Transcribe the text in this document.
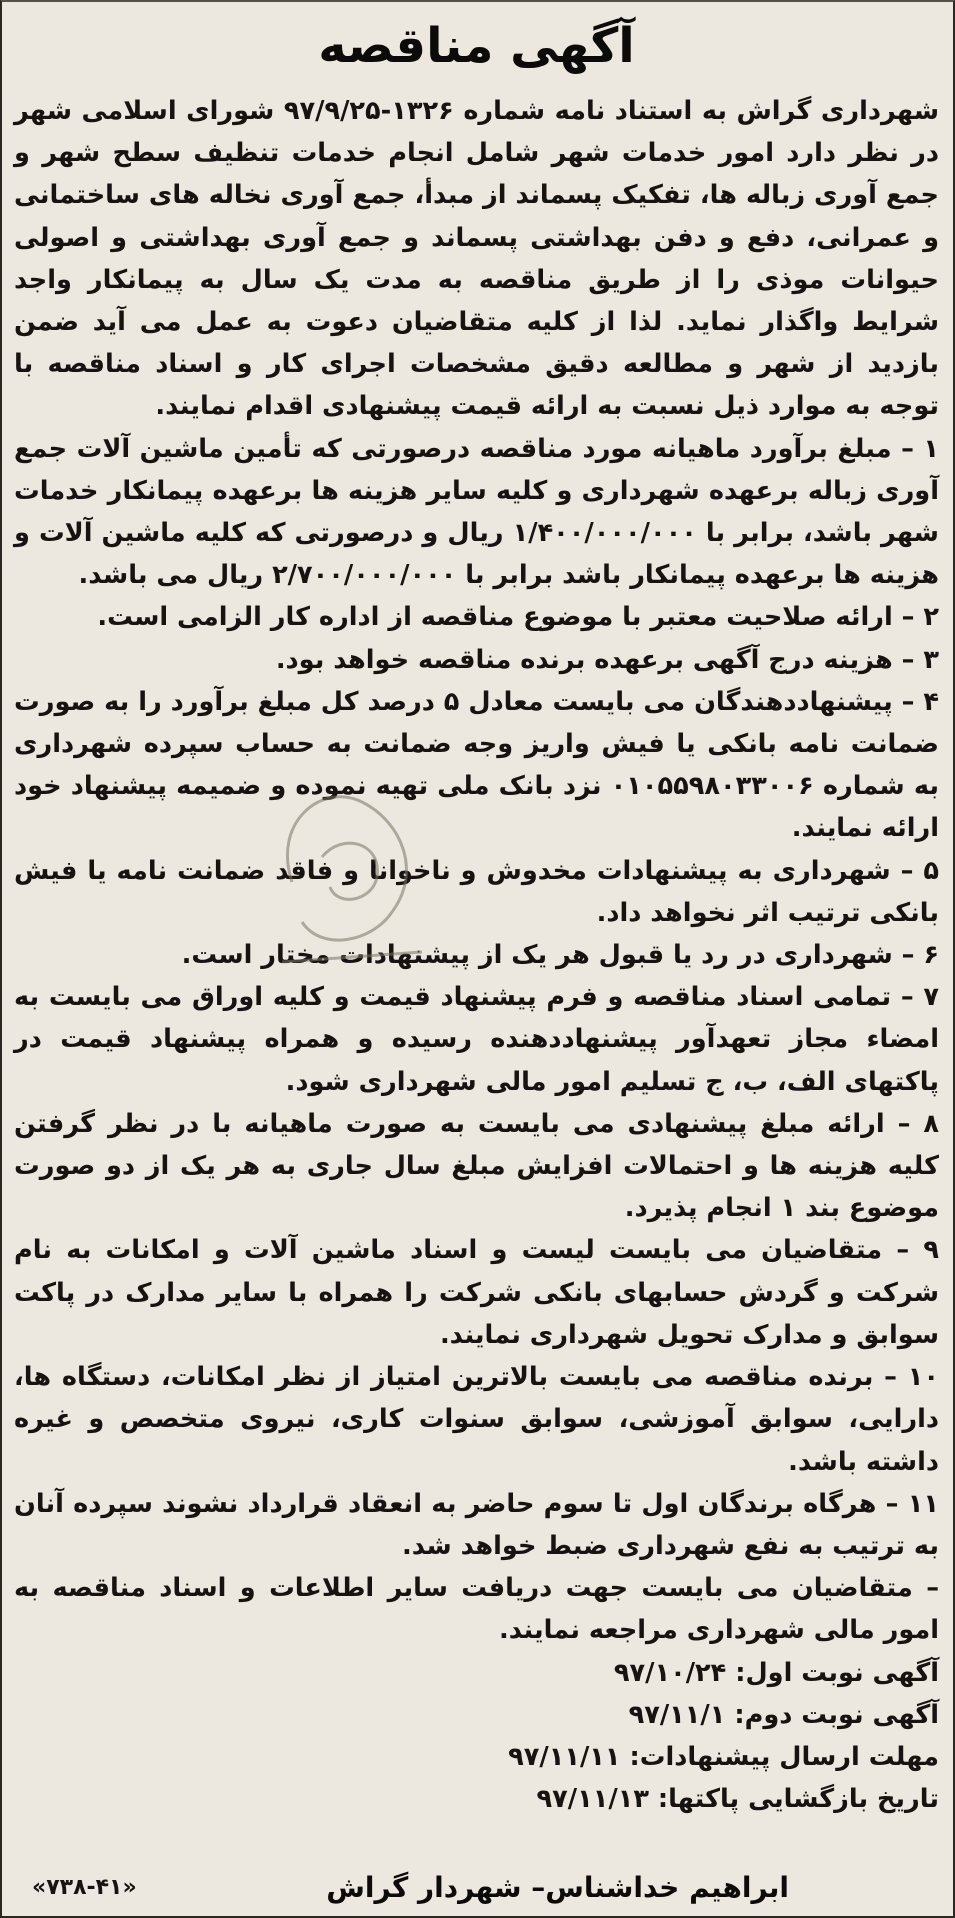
آگهی مناقصه

شهرداری گراش به استناد نامه شماره ۱۳۲۶-۹۷/۹/۲۵ شورای اسلامی شهر در نظر دارد امور خدمات شهر شامل انجام خدمات تنظیف سطح شهر و جمع آوری زباله ها، تفکیک پسماند از مبدأ، جمع آوری نخاله های ساختمانی و عمرانی، دفع و دفن بهداشتی پسماند و جمع آوری بهداشتی و اصولی حیوانات موذی را از طریق مناقصه به مدت یک سال به پیمانکار واجد شرایط واگذار نماید. لذا از کلیه متقاضیان دعوت به عمل می آید ضمن بازدید از شهر و مطالعه دقیق مشخصات اجرای کار و اسناد مناقصه با توجه به موارد ذیل نسبت به ارائه قیمت پیشنهادی اقدام نمایند.

۱ – مبلغ برآورد ماهیانه مورد مناقصه درصورتی که تأمین ماشین آلات جمع آوری زباله برعهده شهرداری و کلیه سایر هزینه ها برعهده پیمانکار خدمات شهر باشد، برابر با ۱/۴۰۰/۰۰۰/۰۰۰ ریال و درصورتی که کلیه ماشین آلات و هزینه ها برعهده پیمانکار باشد برابر با ۲/۷۰۰/۰۰۰/۰۰۰ ریال می باشد.

۲ – ارائه صلاحیت معتبر با موضوع مناقصه از اداره کار الزامی است.

۳ – هزینه درج آگهی برعهده برنده مناقصه خواهد بود.

۴ – پیشنهاددهندگان می بایست معادل ۵ درصد کل مبلغ برآورد را به صورت ضمانت نامه بانکی یا فیش واریز وجه ضمانت به حساب سپرده شهرداری به شماره ۰۱۰۵۵۹۸۰۳۳۰۰۶ نزد بانک ملی تهیه نموده و ضمیمه پیشنهاد خود ارائه نمایند.

۵ – شهرداری به پیشنهادات مخدوش و ناخوانا و فاقد ضمانت نامه یا فیش بانکی ترتیب اثر نخواهد داد.

۶ – شهرداری در رد یا قبول هر یک از پیشنهادات مختار است.

۷ – تمامی اسناد مناقصه و فرم پیشنهاد قیمت و کلیه اوراق می بایست به امضاء مجاز تعهدآور پیشنهاددهنده رسیده و همراه پیشنهاد قیمت در پاکتهای الف، ب، ج تسلیم امور مالی شهرداری شود.

۸ – ارائه مبلغ پیشنهادی می بایست به صورت ماهیانه با در نظر گرفتن کلیه هزینه ها و احتمالات افزایش مبلغ سال جاری به هر یک از دو صورت موضوع بند ۱ انجام پذیرد.

۹ – متقاضیان می بایست لیست و اسناد ماشین آلات و امکانات به نام شرکت و گردش حسابهای بانکی شرکت را همراه با سایر مدارک در پاکت سوابق و مدارک تحویل شهرداری نمایند.

۱۰ – برنده مناقصه می بایست بالاترین امتیاز از نظر امکانات، دستگاه ها، دارایی، سوابق آموزشی، سوابق سنوات کاری، نیروی متخصص و غیره داشته باشد.

۱۱ – هرگاه برندگان اول تا سوم حاضر به انعقاد قرارداد نشوند سپرده آنان به ترتیب به نفع شهرداری ضبط خواهد شد.

– متقاضیان می بایست جهت دریافت سایر اطلاعات و اسناد مناقصه به امور مالی شهرداری مراجعه نمایند.

آگهی نوبت اول: ۹۷/۱۰/۲۴

آگهی نوبت دوم: ۹۷/۱۱/۱

مهلت ارسال پیشنهادات: ۹۷/۱۱/۱۱

تاریخ بازگشایی پاکتها: ۹۷/۱۱/۱۳

ابراهیم خداشناس– شهردار گراش
«۷۳۸-۴۱»
